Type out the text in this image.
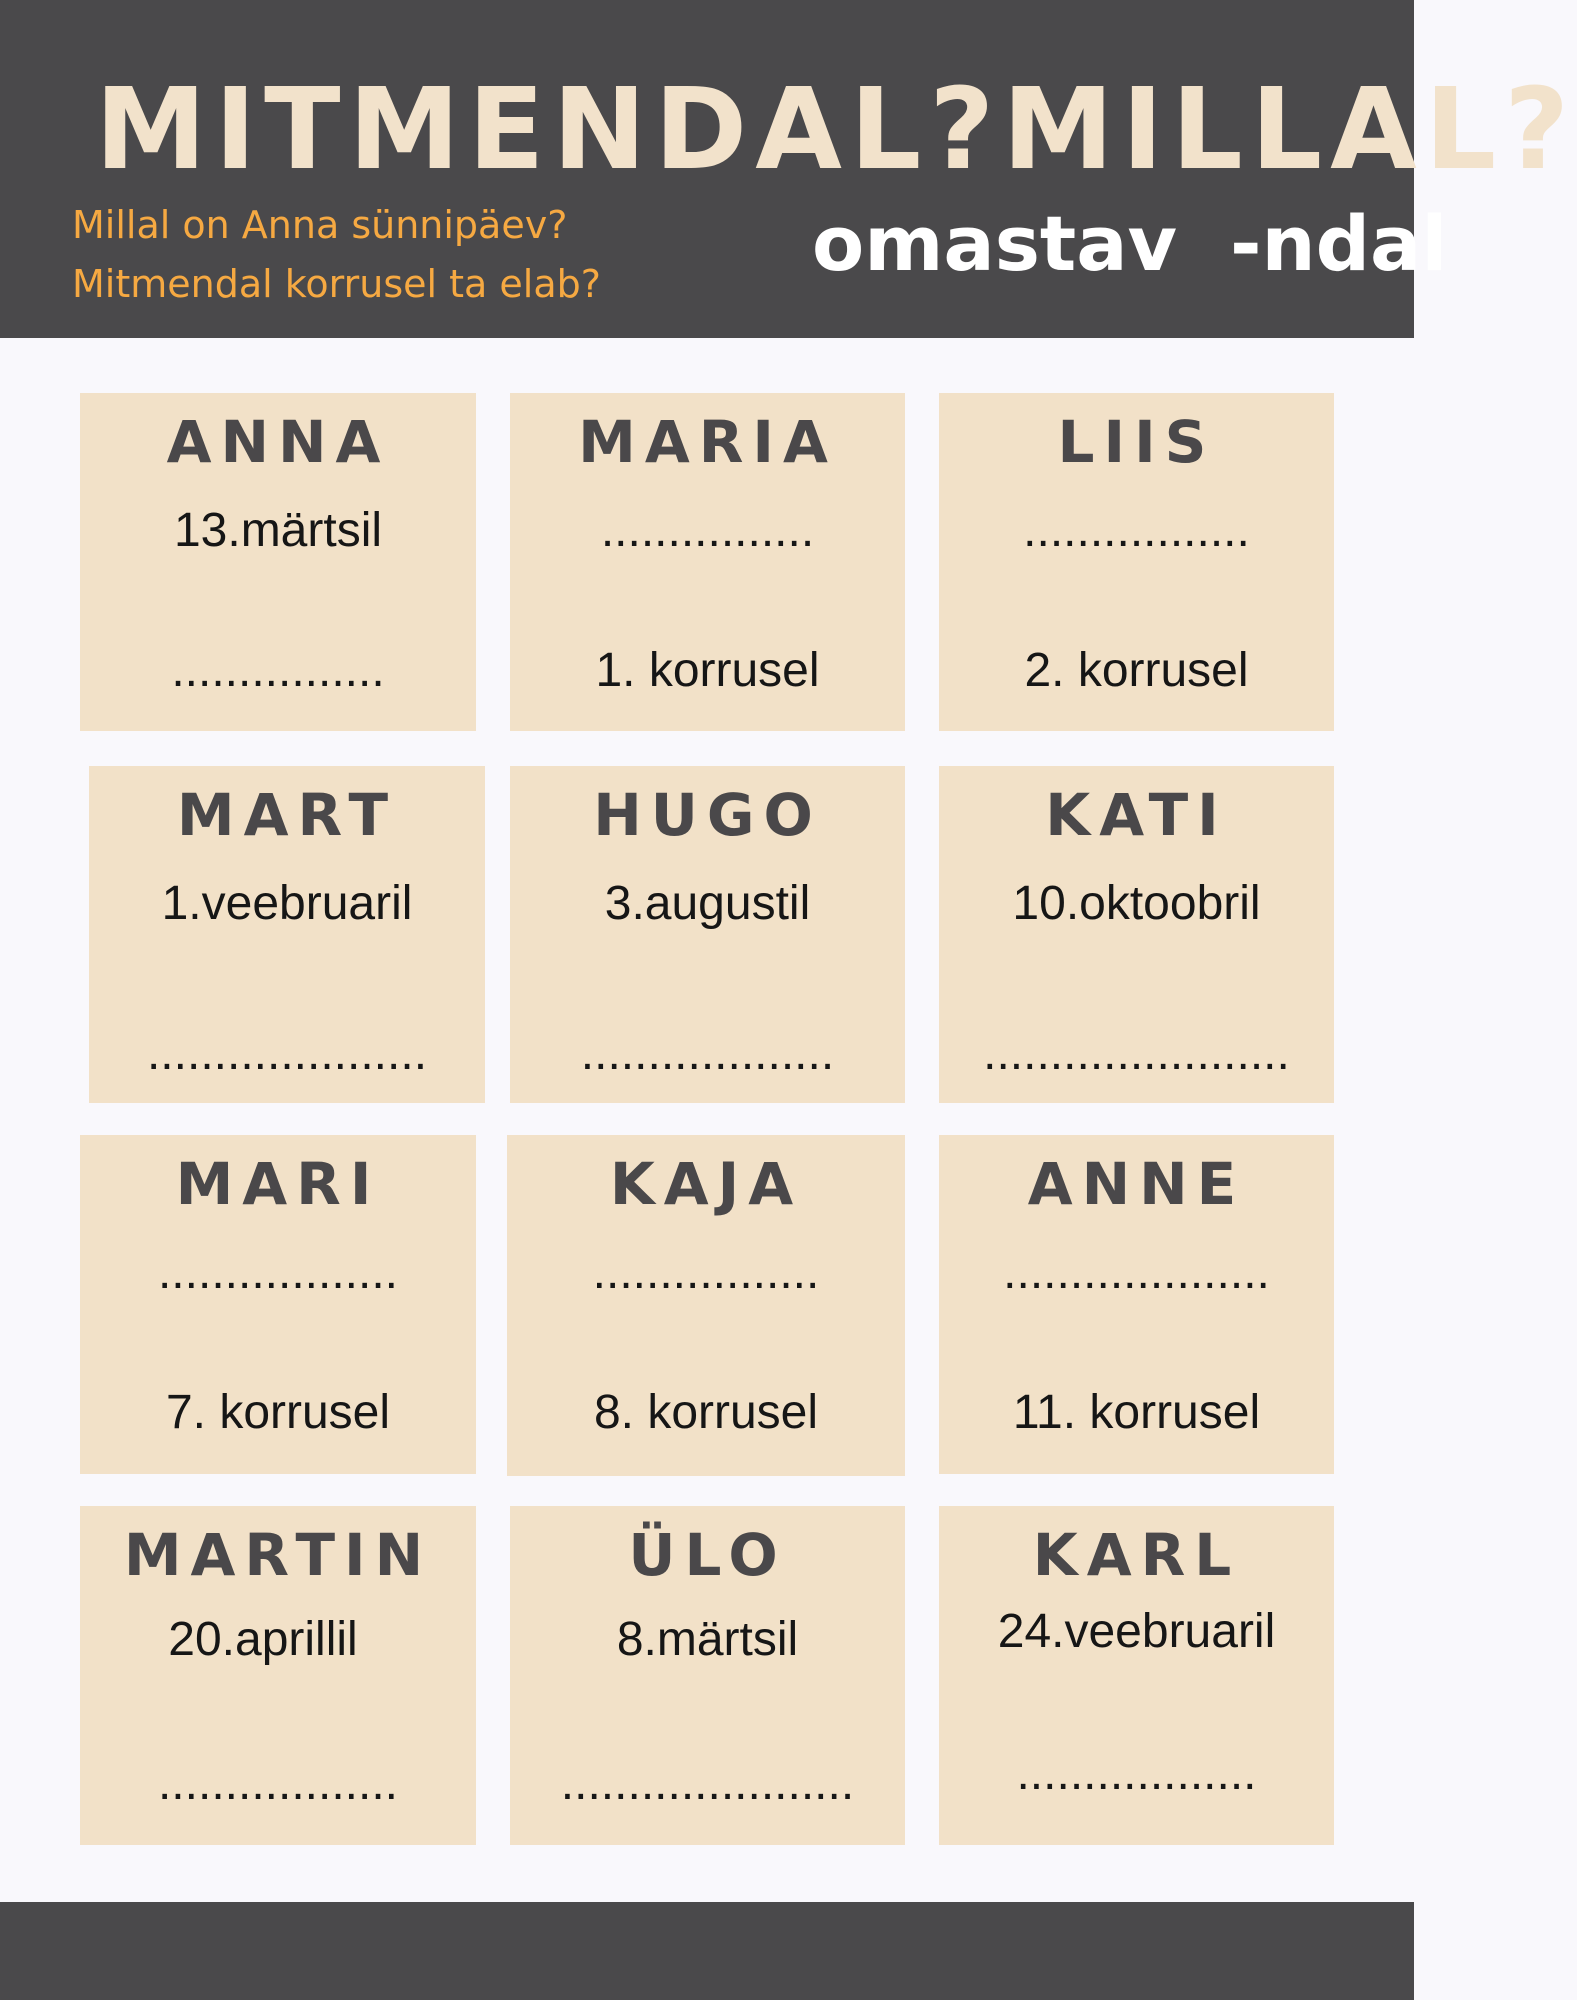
MITMENDAL?MILLAL?
Millal on Anna sünnipäev?
Mitmendal korrusel ta elab?	omastav  -ndal
ANNA
13.märtsil
................
MARIA
................
1. korrusel
LIIS
.................
2. korrusel
MART
1.veebruaril
.....................
HUGO
3.augustil
...................
KATI
10.oktoobril
.......................
MARI
..................
7. korrusel
KAJA
.................
8. korrusel
ANNE
....................
11. korrusel
MARTIN
20.aprillil
..................
ÜLO
8.märtsil
......................
KARL
24.veebruaril
..................
